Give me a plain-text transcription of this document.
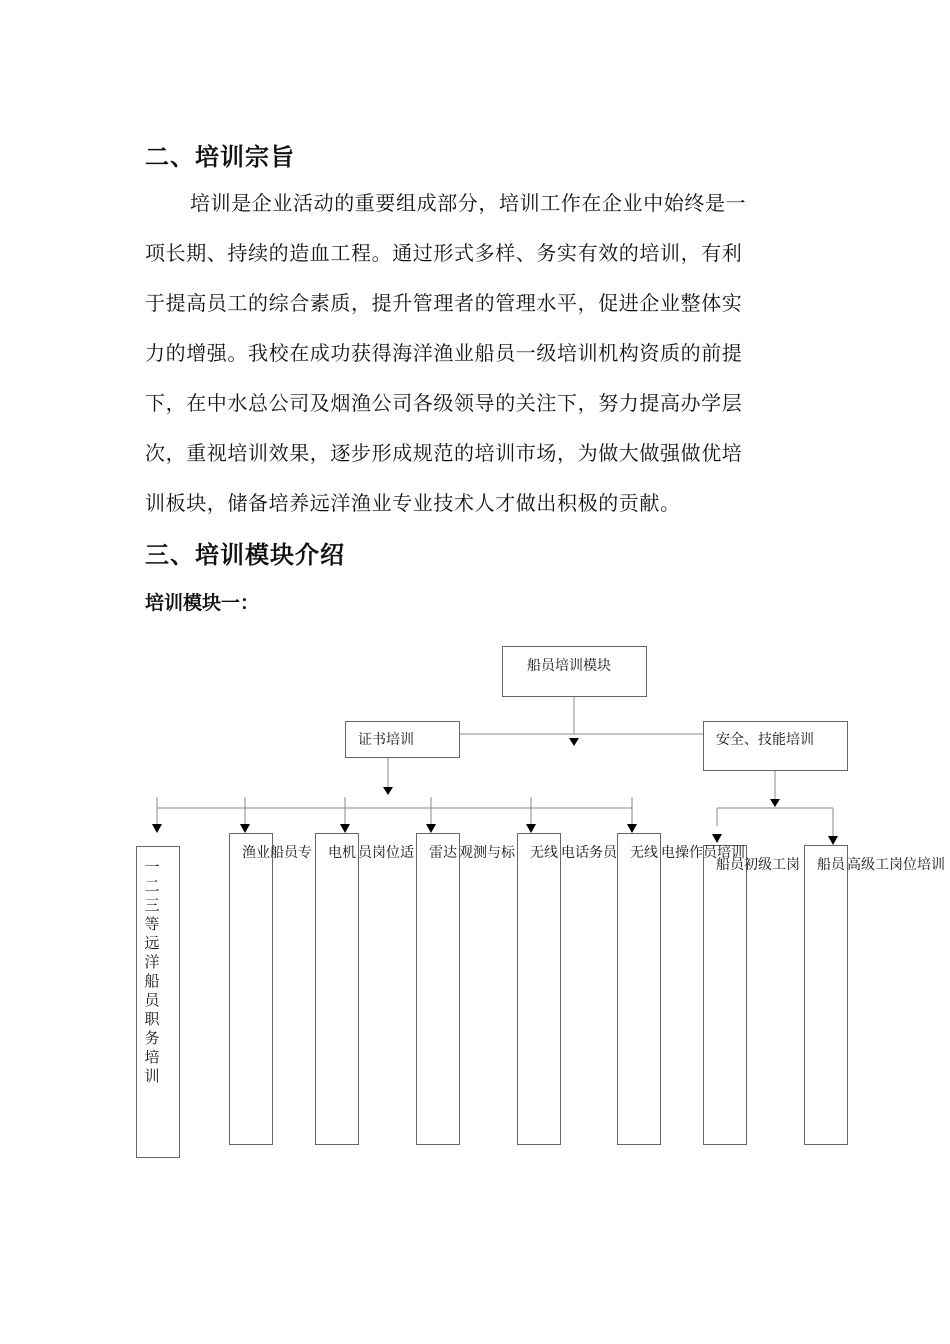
二、培训宗旨
培训是企业活动的重要组成部分，培训工作在企业中始终是一
项长期、持续的造血工程。通过形式多样、务实有效的培训，有利
于提高员工的综合素质，提升管理者的管理水平，促进企业整体实
力的增强。我校在成功获得海洋渔业船员一级培训机构资质的前提
下，在中水总公司及烟渔公司各级领导的关注下，努力提高办学层
次，重视培训效果，逐步形成规范的培训市场，为做大做强做优培
训板块，储备培养远洋渔业专业技术人才做出积极的贡献。
三、培训模块介绍
培训模块一：
船员培训模块
证书培训	安全、技能培训
一二三等远洋船员职务培训
渔业船员专 电机 员岗位适 雷达 观测与标 无线 电话务员 无线 电操作员培训
船员初级工岗 船员 高级工岗位培训
